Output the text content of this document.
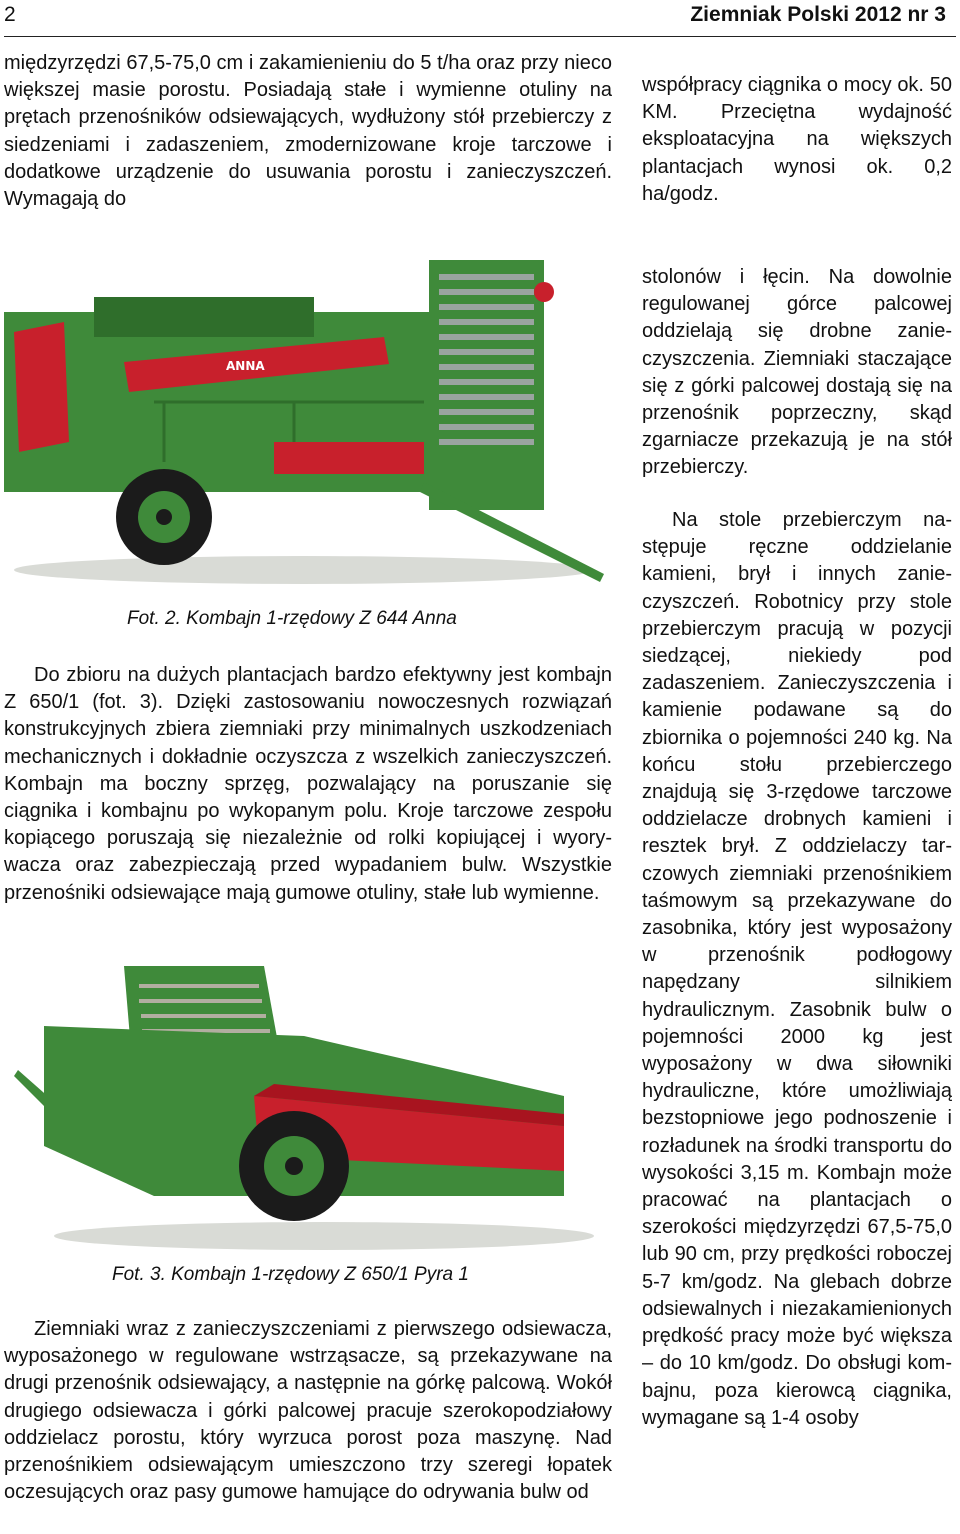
2	Ziemniak Polski 2012 nr 3

międzyrzędzi 67,5-75,0 cm i zakamienieniu do 5 t/ha oraz przy nieco większej masie porostu. Posiadają stałe i wymienne otuliny na prętach przenośników odsiewających, wydłużony stół przebierczy z siedzeniami i zadaszeniem, zmodernizowane kroje tarczowe i dodatkowe urządzenie do usuwania porostu i zanieczyszczeń. Wymagają do

ANNA

Fot. 2. Kombajn 1-rzędowy Z 644 Anna

Do zbioru na dużych plantacjach bardzo efektywny jest kombajn Z 650/1 (fot. 3). Dzięki zastosowaniu nowoczesnych rozwiązań konstrukcyjnych zbiera ziemniaki przy minimalnych uszkodzeniach mechanicznych i dokładnie oczyszcza z wszelkich zanieczyszczeń. Kombajn ma boczny sprzęg, pozwalający na poruszanie się ciągnika i kombajnu po wykopanym polu. Kroje tarczowe zespołu kopiącego poruszają się niezależnie od rolki kopiującej i wyorywacza oraz zabezpieczają przed wypadaniem bulw. Wszystkie przenośniki odsiewające mają gumowe otuliny, stałe lub wymienne.

Fot. 3. Kombajn 1-rzędowy Z 650/1 Pyra 1

Ziemniaki wraz z zanieczyszczeniami z pierwszego odsiewacza, wyposażonego w regulowane wstrząsacze, są przekazywane na drugi przenośnik odsiewający, a następnie na górkę palcową. Wokół drugiego odsiewacza i górki palcowej pracuje szerokopodziałowy oddzielacz porostu, który wyrzuca porost poza maszynę. Nad przenośnikiem odsiewającym umieszczono trzy szeregi łopatek oczesujących oraz pasy gumowe hamujące do odrywania bulw od

współpracy ciągnika o mocy ok. 50 KM. Przeciętna wydajność eksploatacyjna na większych plantacjach wynosi ok. 0,2 ha/godz.

stolonów i łęcin. Na dowolnie regulowanej górce palcowej oddzielają się drobne zanieczyszczenia. Ziemniaki staczające się z górki palcowej dostają się na przenośnik poprzeczny, skąd zgarniacze przekazują je na stół przebierczy.

Na stole przebierczym następuje ręczne oddzielanie kamieni, brył i innych zanieczyszczeń. Robotnicy przy stole przebierczym pracują w pozycji siedzącej, niekiedy pod zadaszeniem. Zanieczyszczenia i kamienie podawane są do zbiornika o pojemności 240 kg. Na końcu stołu przebierczego znajdują się 3-rzędowe tarczowe oddzielacze drobnych kamieni i resztek brył. Z oddzielaczy tarczowych ziemniaki przenośnikiem taśmowym są przekazywane do zasobnika, który jest wyposażony w przenośnik podłogowy napędzany silnikiem hydraulicznym. Zasobnik bulw o pojemności 2000 kg jest wyposażony w dwa siłowniki hydrauliczne, które umożliwiają bezstopniowe jego podnoszenie i rozładunek na środki transportu do wysokości 3,15 m. Kombajn może pracować na plantacjach o szerokości międzyrzędzi 67,5-75,0 lub 90 cm, przy prędkości roboczej 5-7 km/godz. Na glebach dobrze odsiewalnych i niezakamienionych prędkość pracy może być większa – do 10 km/godz. Do obsługi kombajnu, poza kierowcą ciągnika, wymagane są 1-4 osoby
